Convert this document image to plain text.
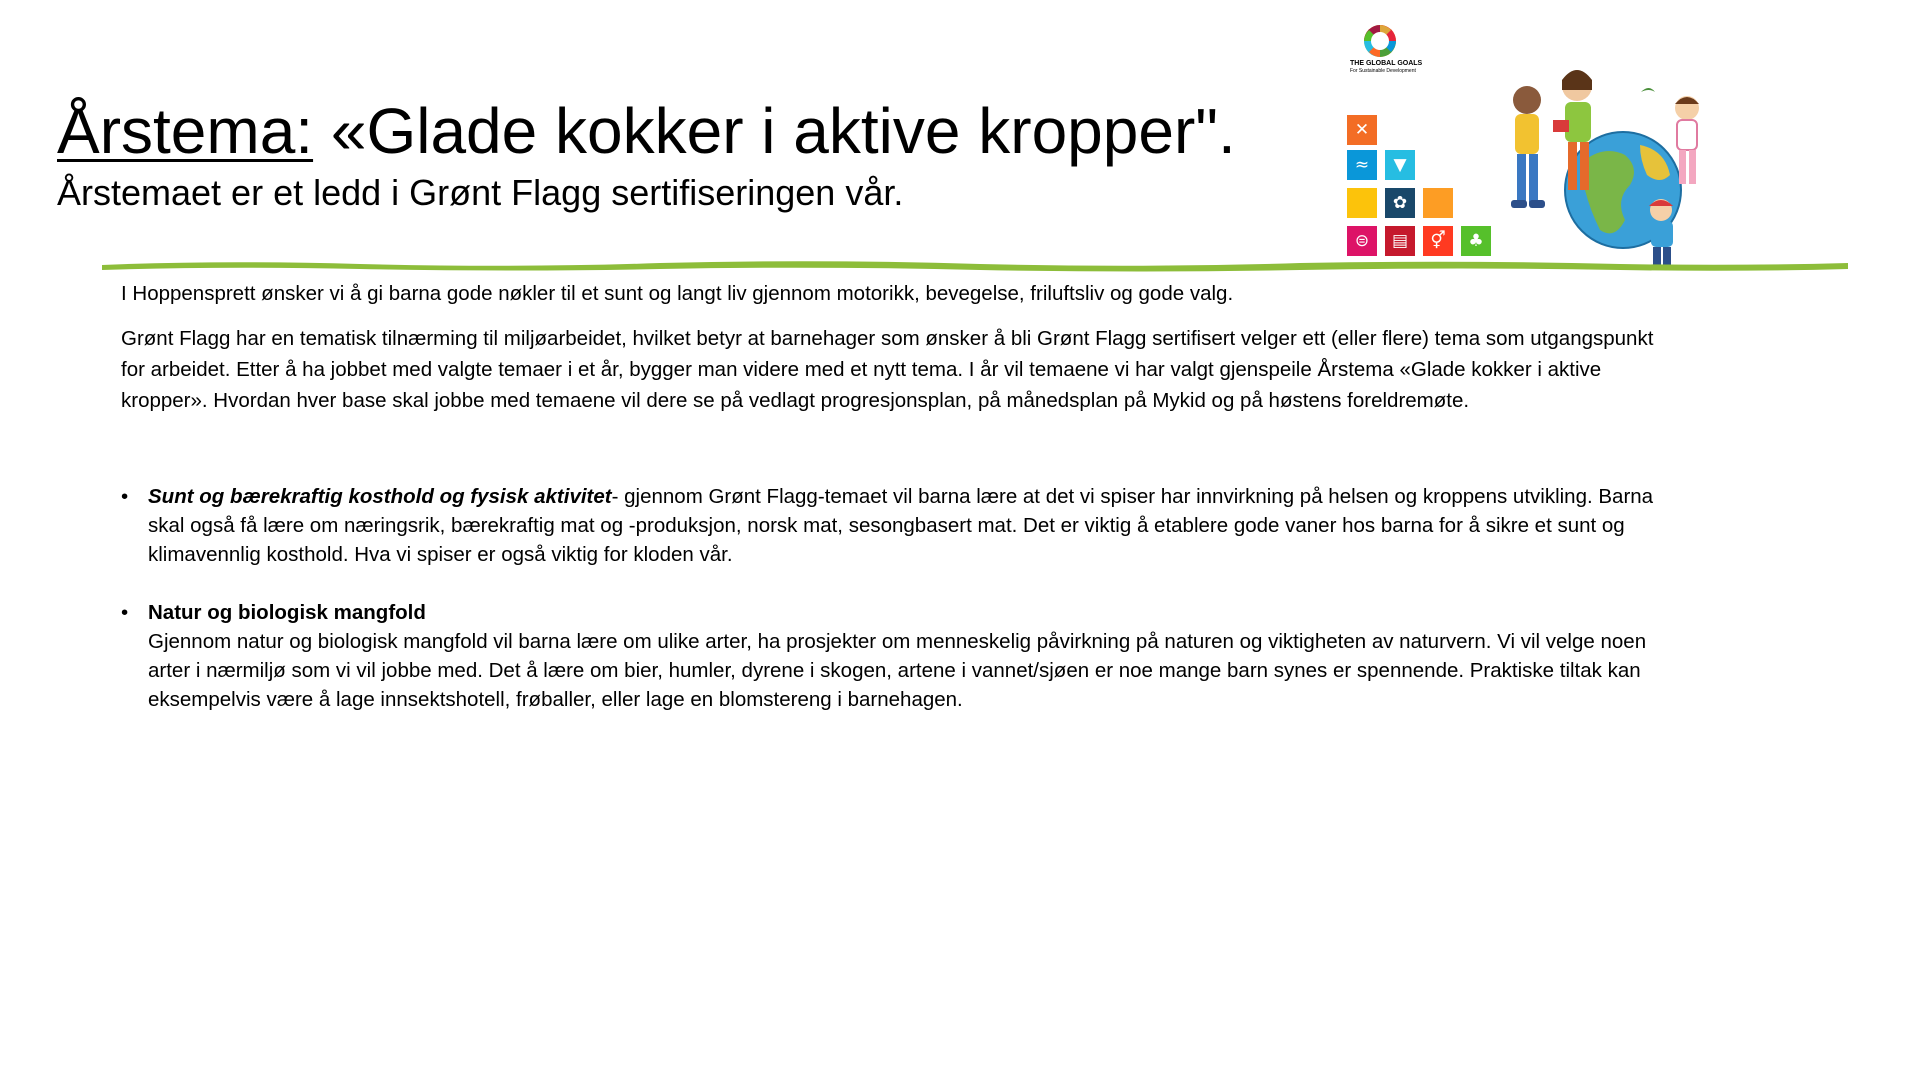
Årstema: «Glade kokker i aktive kropper".
Årstemaet er et ledd i Grønt Flagg sertifiseringen vår.
THE GLOBAL GOALS
For Sustainable Development
✕
≈	▼
✿
⊜	▤	⚥	♣

I Hoppensprett ønsker vi å gi barna gode nøkler til et sunt og langt liv gjennom motorikk, bevegelse, friluftsliv og gode valg.

Grønt Flagg har en tematisk tilnærming til miljøarbeidet, hvilket betyr at barnehager som ønsker å bli Grønt Flagg sertifisert velger ett (eller flere) tema som utgangspunkt for arbeidet. Etter å ha jobbet med valgte temaer i et år, bygger man videre med et nytt tema. I år vil temaene vi har valgt gjenspeile Årstema «Glade kokker i aktive kropper». Hvordan hver base skal jobbe med temaene vil dere se på vedlagt progresjonsplan, på månedsplan på Mykid og på høstens foreldremøte.

• Sunt og bærekraftig kosthold og fysisk aktivitet- gjennom Grønt Flagg-temaet vil barna lære at det vi spiser har innvirkning på helsen og kroppens utvikling. Barna skal også få lære om næringsrik, bærekraftig mat og -produksjon, norsk mat, sesongbasert mat. Det er viktig å etablere gode vaner hos barna for å sikre et sunt og klimavennlig kosthold. Hva vi spiser er også viktig for kloden vår.
• Natur og biologisk mangfold
Gjennom natur og biologisk mangfold vil barna lære om ulike arter, ha prosjekter om menneskelig påvirkning på naturen og viktigheten av naturvern. Vi vil velge noen arter i nærmiljø som vi vil jobbe med. Det å lære om bier, humler, dyrene i skogen, artene i vannet/sjøen er noe mange barn synes er spennende. Praktiske tiltak kan eksempelvis være å lage innsektshotell, frøballer, eller lage en blomstereng i barnehagen.
